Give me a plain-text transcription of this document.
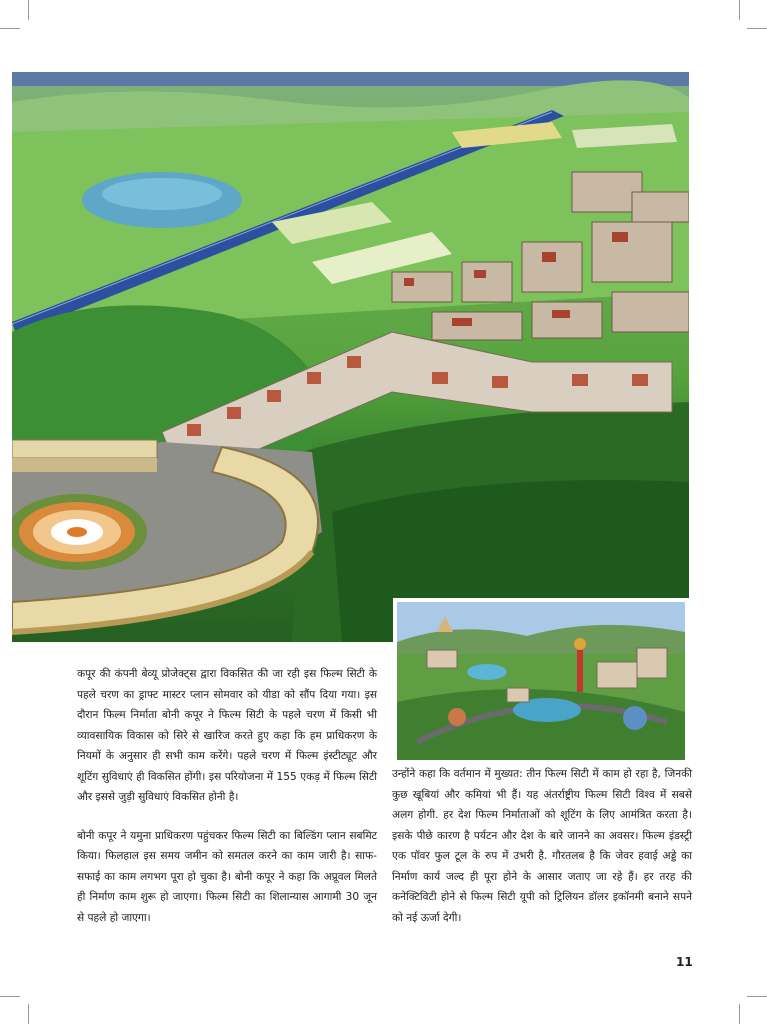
कपूर की कंपनी बेव्यू प्रोजेक्ट्स द्वारा विकसित की जा रही इस फिल्म सिटी के पहले चरण का ड्राफ्ट मास्टर प्लान सोमवार को यीडा को सौंप दिया गया। इस दौरान फिल्म निर्माता बोनी कपूर ने फिल्म सिटी के पहले चरण में किसी भी व्यावसायिक विकास को सिरे से खारिज करते हुए कहा कि हम प्राधिकरण के नियमों के अनुसार ही सभी काम करेंगे। पहले चरण में फिल्म इंस्टीट्यूट और शूटिंग सुविधाएं ही विकसित होंगी। इस परियोजना में 155 एकड़ में फिल्म सिटी और इससे जुड़ी सुविधाएं विकसित होनी है।

बोनी कपूर ने यमुना प्राधिकरण पहुंचकर फिल्म सिटी का बिल्डिंग प्लान सबमिट किया। फिलहाल इस समय जमीन को समतल करने का काम जारी है। साफ-सफाई का काम लगभग पूरा हो चुका है। बोनी कपूर ने कहा कि अप्रूवल मिलते ही निर्माण काम शुरू हो जाएगा। फिल्म सिटी का शिलान्यास आगामी 30 जून से पहले हो जाएगा।

उन्होंने कहा कि वर्तमान में मुख्यत: तीन फिल्म सिटी में काम हो रहा है, जिनकी कुछ खूबियां और कमियां भी हैं। यह अंतर्राष्ट्रीय फिल्म सिटी विश्व में सबसे अलग होगी. हर देश फिल्म निर्माताओं को शूटिंग के लिए आमंत्रित करता है। इसके पीछे कारण है पर्यटन और देश के बारे जानने का अवसर। फिल्म इंडस्ट्री एक पॉवर फुल टूल के रुप में उभरी है. गौरतलब है कि जेवर हवाई अड्डे का निर्माण कार्य जल्द ही पूरा होने के आसार जताए जा रहे हैं। हर तरह की कनेक्टिविटी होने से फिल्म सिटी यूपी को ट्रिलियन डॉलर इकॉनमी बनाने सपने को नई ऊर्जा देगी।

11
